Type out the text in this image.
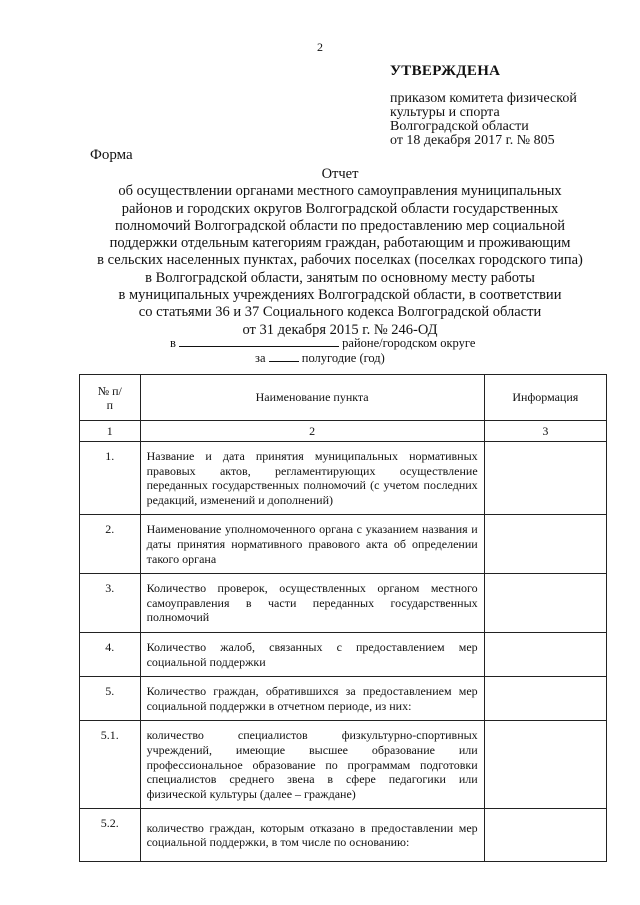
2
УТВЕРЖДЕНА
приказом комитета физической
культуры и спорта
Волгоградской области
от 18 декабря 2017 г. № 805
Форма
Отчет
об осуществлении органами местного самоуправления муниципальных
районов и городских округов Волгоградской области государственных
полномочий Волгоградской области по предоставлению мер социальной
поддержки отдельным категориям граждан, работающим и проживающим
в сельских населенных пунктах, рабочих поселках (поселках городского типа)
в Волгоградской области, занятым по основному месту работы
в муниципальных учреждениях Волгоградской области, в соответствии
со статьями 36 и 37 Социального кодекса Волгоградской области
от 31 декабря 2015 г. № 246-ОД
в	районе/городском округе
за	полугодие (год)
№ п/п	Наименование пункта	Информация
1	2	3

1.	Название и дата принятия муниципальных нормативных правовых актов, регламентирующих осуществление переданных государственных полномочий (с учетом последних редакций, изменений и дополнений)	

2.	Наименование уполномоченного органа с указанием названия и даты принятия нормативного правового акта об определении такого органа	

3.	Количество проверок, осуществленных органом местного самоуправления в части переданных государственных полномочий	

4.	Количество жалоб, связанных с предоставлением мер социальной поддержки	

5.	Количество граждан, обратившихся за предоставлением мер социальной поддержки в отчетном периоде, из них:	

5.1.	количество специалистов физкультурно-спортивных учреждений, имеющие высшее образование или профессиональное образование по программам подготовки специалистов среднего звена в сфере педагогики или физической культуры (далее – граждане)	

5.2.	количество граждан, которым отказано в предоставлении мер социальной поддержки, в том числе по основанию:	
